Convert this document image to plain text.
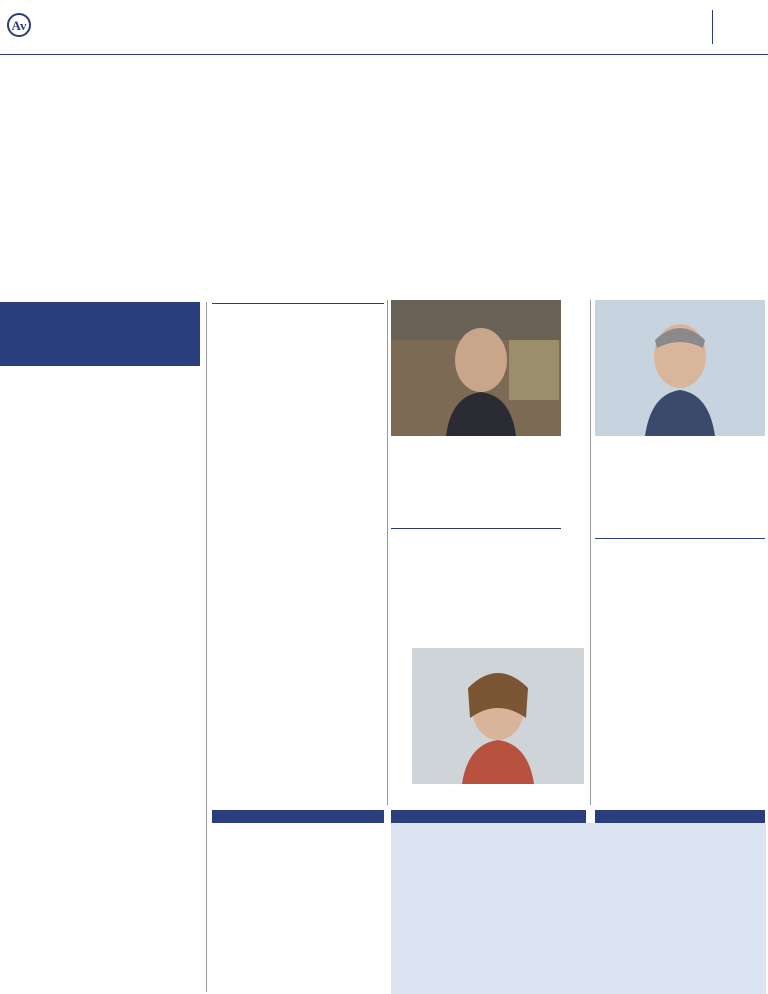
Av
